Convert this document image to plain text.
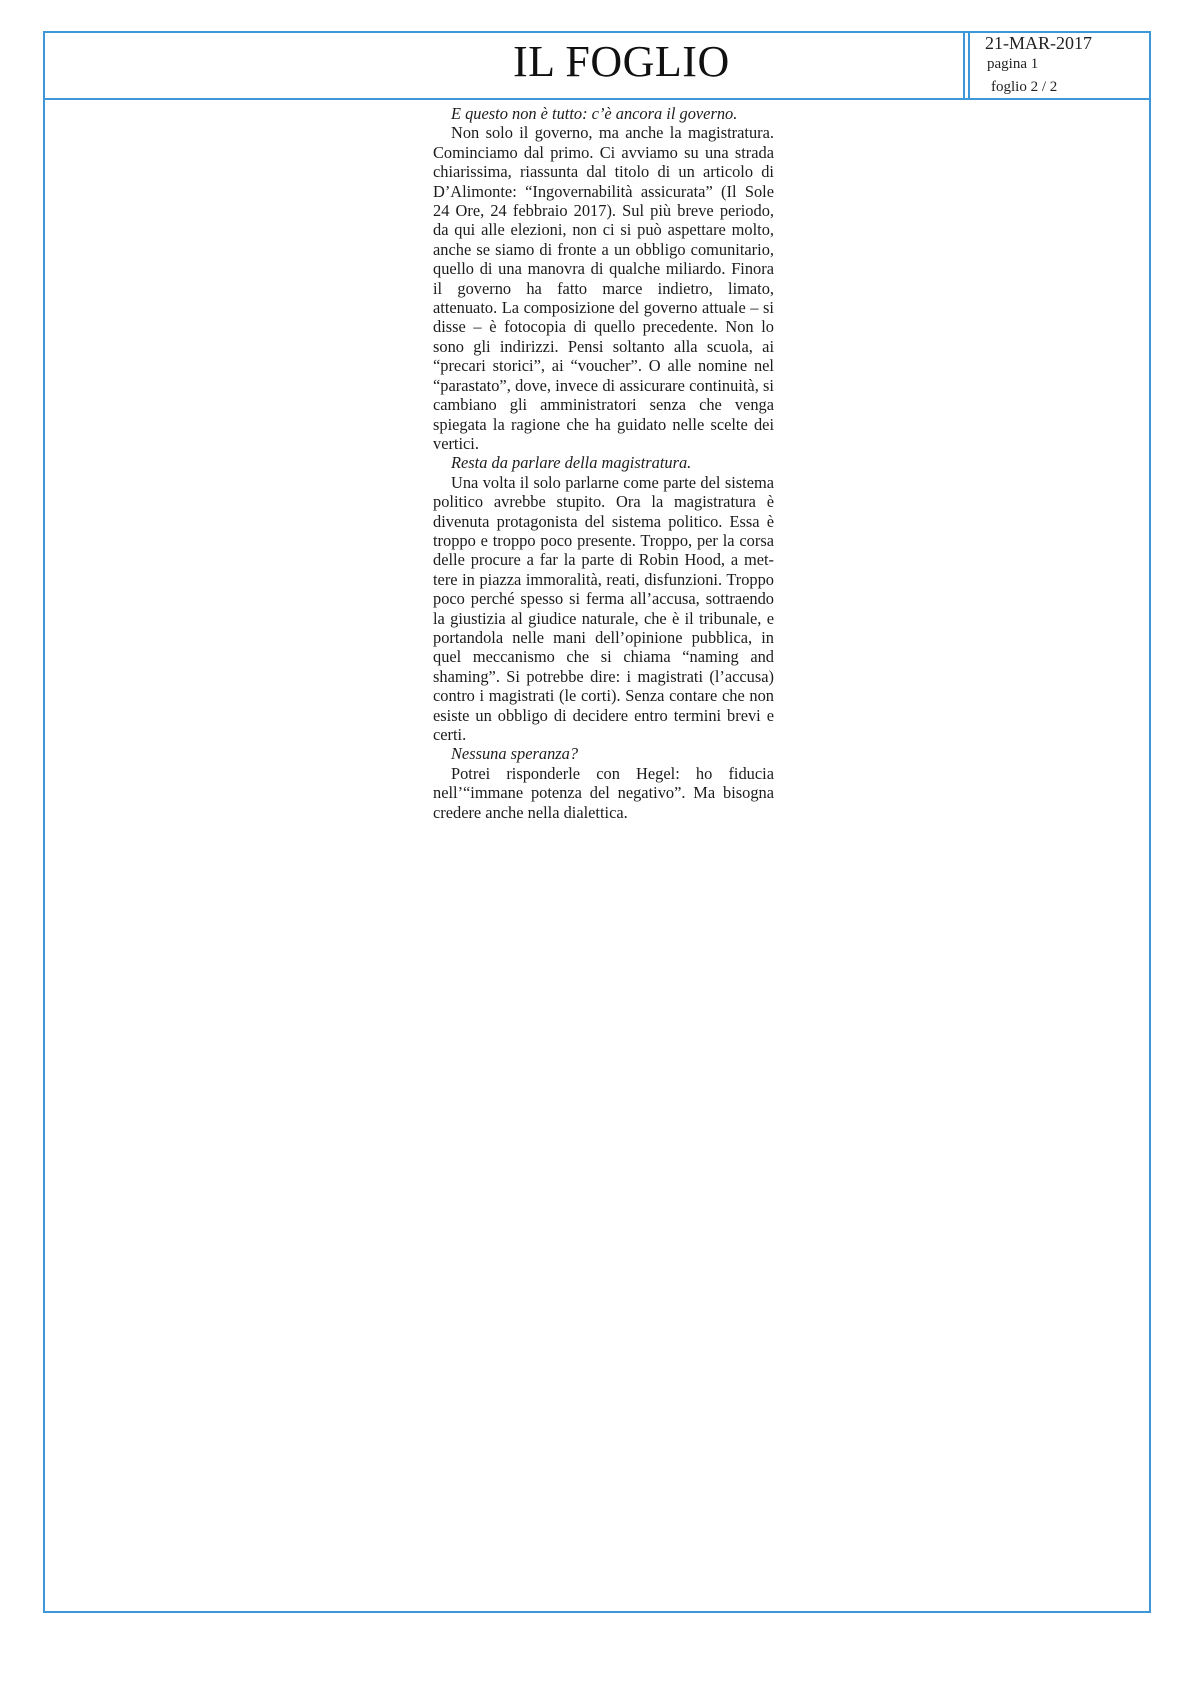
IL FOGLIO	21-MAR-2017
pagina 1
foglio 2 / 2

E questo non è tutto: c’è ancora il governo.

Non solo il governo, ma anche la magistratura. Cominciamo dal primo. Ci avviamo su una strada chiarissima, riassunta dal titolo di un articolo di D’Alimonte: “Ingovernabilità assicurata” (Il Sole 24 Ore, 24 febbraio 2017). Sul più breve periodo, da qui alle elezioni, non ci si può aspettare molto, anche se siamo di fronte a un obbligo comunitario, quello di una manovra di qualche miliardo. Finora il governo ha fatto marce indietro, limato, attenuato. La composizione del governo attuale – si disse – è fotocopia di quello precedente. Non lo sono gli indirizzi. Pensi soltanto alla scuola, ai “precari storici”, ai “voucher”. O alle nomine nel “parastato”, dove, invece di assicurare continuità, si cambiano gli amministratori senza che venga spiegata la ragione che ha guidato nelle scelte dei vertici.

Resta da parlare della magistratura.

Una volta il solo parlarne come parte del sistema politico avrebbe stupito. Ora la magistratura è divenuta protagonista del sistema politico. Essa è troppo e troppo poco presente. Troppo, per la corsa delle procure a far la parte di Robin Hood, a mettere in piazza immoralità, reati, disfunzioni. Troppo poco perché spesso si ferma all’accusa, sottraendo la giustizia al giudice naturale, che è il tribunale, e portandola nelle mani dell’opinione pubblica, in quel meccanismo che si chiama “naming and shaming”. Si potrebbe dire: i magistrati (l’accusa) contro i magistrati (le corti). Senza contare che non esiste un obbligo di decidere entro termini brevi e certi.

Nessuna speranza?

Potrei risponderle con Hegel: ho fiducia nell’“immane potenza del negativo”. Ma bisogna credere anche nella dialettica.
